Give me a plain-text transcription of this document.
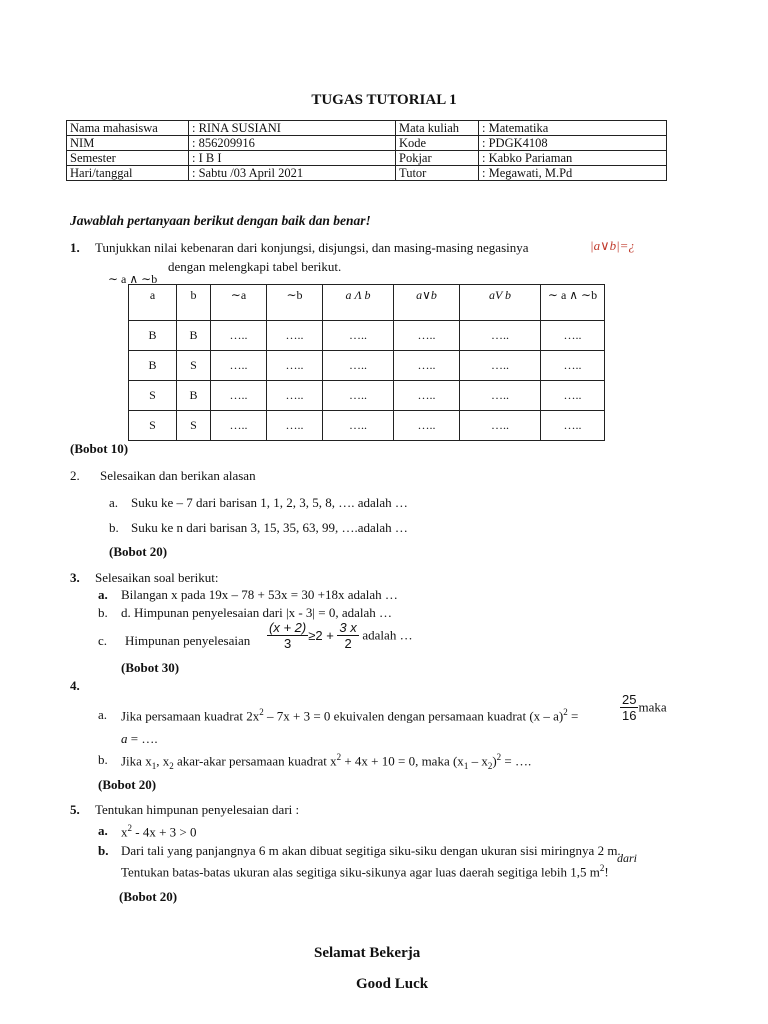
TUGAS TUTORIAL 1
Nama mahasiswa	: RINA SUSIANI	Mata kuliah	: Matematika
NIM	: 856209916	Kode	: PDGK4108
Semester	: I B I	Pokjar	: Kabko Pariaman
Hari/tanggal	: Sabtu /03 April 2021	Tutor	: Megawati, M.Pd
Jawablah pertanyaan berikut dengan baik dan benar!
1. Tunjukkan nilai kebenaran dari konjungsi, disjungsi, dan masing-masing negasinya	|a∨b|=¿
dengan melengkapi tabel berikut.
∼ a ∧ ∼b
a	b	∼a	∼b	a Λ b	a∨b	aV b	∼ a ∧ ∼b
B	B	…..	…..	…..	…..	…..	…..
B	S	…..	…..	…..	…..	…..	…..
S	B	…..	…..	…..	…..	…..	…..
S	S	…..	…..	…..	…..	…..	…..
(Bobot 10)
2. Selesaikan dan berikan alasan
a. Suku ke – 7 dari barisan 1, 1, 2, 3, 5, 8, …. adalah …
b. Suku ke n dari barisan 3, 15, 35, 63, 99, ….adalah …
(Bobot 20)
3. Selesaikan soal berikut:
a. Bilangan x pada 19x – 78 + 53x = 30 +18x adalah …
b. d. Himpunan penyelesaian dari |x - 3| = 0, adalah …
c. Himpunan penyelesaian $\frac{(x + 2)}{3} \ge 2 + \frac{3 x}{2}$ adalah …
(Bobot 30)
4.
a. Jika persamaan kuadrat $2x^2 - 7x + 3 = 0$ ekuivalen dengan persamaan kuadrat (x – a)$^2$ =	$\frac{25}{16}$ maka
a = ….
b. Jika $x_1$, $x_2$ akar-akar persamaan kuadrat $x^2 + 4x + 10 = 0$, maka $(x_1 - x_2)^2$ = ….
(Bobot 20)
5. Tentukan himpunan penyelesaian dari :
a. $x^2 - 4x + 3 > 0$
b. Dari tali yang panjangnya 6 m akan dibuat segitiga siku-siku dengan ukuran sisi miringnya 2 m.
dari
Tentukan batas-batas ukuran alas segitiga siku-sikunya agar luas daerah segitiga lebih 1,5 $m^2$!
(Bobot 20)
Selamat Bekerja
Good Luck
